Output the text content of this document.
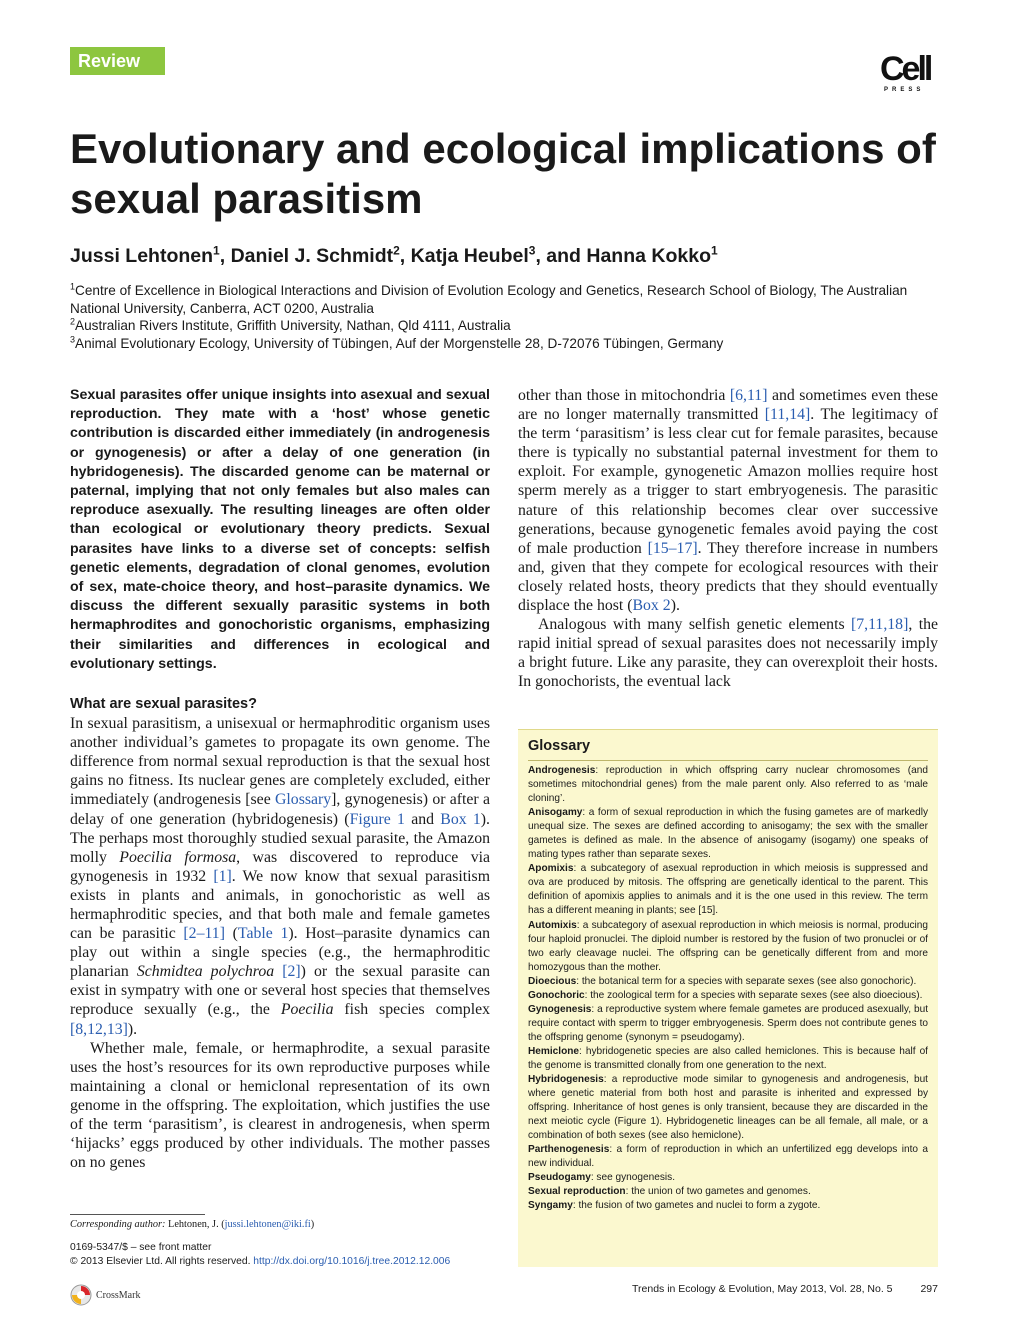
Review	Cell
PRESS
Evolutionary and ecological implications of sexual parasitism
Jussi Lehtonen$^1$, Daniel J. Schmidt$^2$, Katja Heubel$^3$, and Hanna Kokko$^1$
$^1$Centre of Excellence in Biological Interactions and Division of Evolution Ecology and Genetics, Research School of Biology, The Australian National University, Canberra, ACT 0200, Australia
$^2$Australian Rivers Institute, Griffith University, Nathan, Qld 4111, Australia
$^3$Animal Evolutionary Ecology, University of Tübingen, Auf der Morgenstelle 28, D-72076 Tübingen, Germany
Sexual parasites offer unique insights into asexual and sexual reproduction. They mate with a ‘host’ whose genetic contribution is discarded either immediately (in androgenesis or gynogenesis) or after a delay of one generation (in hybridogenesis). The discarded genome can be maternal or paternal, implying that not only females but also males can reproduce asexually. The resulting lineages are often older than ecological or evolutionary theory predicts. Sexual parasites have links to a diverse set of concepts: selfish genetic elements, degradation of clonal genomes, evolution of sex, mate-choice theory, and host–parasite dynamics. We discuss the different sexually parasitic systems in both hermaphrodites and gonochoristic organisms, emphasizing their similarities and differences in ecological and evolutionary settings.
What are sexual parasites?

In sexual parasitism, a unisexual or hermaphroditic organism uses another individual’s gametes to propagate its own genome. The difference from normal sexual reproduction is that the sexual host gains no fitness. Its nuclear genes are completely excluded, either immediately (androgenesis [see Glossary], gynogenesis) or after a delay of one generation (hybridogenesis) (Figure 1 and Box 1). The perhaps most thoroughly studied sexual parasite, the Amazon molly Poecilia formosa, was discovered to reproduce via gynogenesis in 1932 [1]. We now know that sexual parasitism exists in plants and animals, in gonochoristic as well as hermaphroditic species, and that both male and female gametes can be parasitic [2–11] (Table 1). Host–parasite dynamics can play out within a single species (e.g., the hermaphroditic planarian Schmidtea polychroa [2]) or the sexual parasite can exist in sympatry with one or several host species that themselves reproduce sexually (e.g., the Poecilia fish species complex [8,12,13]).

Whether male, female, or hermaphrodite, a sexual parasite uses the host’s resources for its own reproductive purposes while maintaining a clonal or hemiclonal representation of its own genome in the offspring. The exploitation, which justifies the use of the term ‘parasitism’, is clearest in androgenesis, when sperm ‘hijacks’ eggs produced by other individuals. The mother passes on no genes

other than those in mitochondria [6,11] and sometimes even these are no longer maternally transmitted [11,14]. The legitimacy of the term ‘parasitism’ is less clear cut for female parasites, because there is typically no substantial paternal investment for them to exploit. For example, gynogenetic Amazon mollies require host sperm merely as a trigger to start embryogenesis. The parasitic nature of this relationship becomes clear over successive generations, because gynogenetic females avoid paying the cost of male production [15–17]. They therefore increase in numbers and, given that they compete for ecological resources with their closely related hosts, theory predicts that they should eventually displace the host (Box 2).

Analogous with many selfish genetic elements [7,11,18], the rapid initial spread of sexual parasites does not necessarily imply a bright future. Like any parasite, they can overexploit their hosts. In gonochorists, the eventual lack

Glossary
Androgenesis: reproduction in which offspring carry nuclear chromosomes (and sometimes mitochondrial genes) from the male parent only. Also referred to as ‘male cloning’.
Anisogamy: a form of sexual reproduction in which the fusing gametes are of markedly unequal size. The sexes are defined according to anisogamy; the sex with the smaller gametes is defined as male. In the absence of anisogamy (isogamy) one speaks of mating types rather than separate sexes.
Apomixis: a subcategory of asexual reproduction in which meiosis is suppressed and ova are produced by mitosis. The offspring are genetically identical to the parent. This definition of apomixis applies to animals and it is the one used in this review. The term has a different meaning in plants; see [15].
Automixis: a subcategory of asexual reproduction in which meiosis is normal, producing four haploid pronuclei. The diploid number is restored by the fusion of two pronuclei or of two early cleavage nuclei. The offspring can be genetically different from and more homozygous than the mother.
Dioecious: the botanical term for a species with separate sexes (see also gonochoric).
Gonochoric: the zoological term for a species with separate sexes (see also dioecious).
Gynogenesis: a reproductive system where female gametes are produced asexually, but require contact with sperm to trigger embryogenesis. Sperm does not contribute genes to the offspring genome (synonym = pseudogamy).
Hemiclone: hybridogenetic species are also called hemiclones. This is because half of the genome is transmitted clonally from one generation to the next.
Hybridogenesis: a reproductive mode similar to gynogenesis and androgenesis, but where genetic material from both host and parasite is inherited and expressed by offspring. Inheritance of host genes is only transient, because they are discarded in the next meiotic cycle (Figure 1). Hybridogenetic lineages can be all female, all male, or a combination of both sexes (see also hemiclone).
Parthenogenesis: a form of reproduction in which an unfertilized egg develops into a new individual.
Pseudogamy: see gynogenesis.
Sexual reproduction: the union of two gametes and genomes.
Syngamy: the fusion of two gametes and nuclei to form a zygote.
Corresponding author: Lehtonen, J. (jussi.lehtonen@iki.fi)
0169-5347/$ – see front matter
© 2013 Elsevier Ltd. All rights reserved. http://dx.doi.org/10.1016/j.tree.2012.12.006
CrossMark	Trends in Ecology & Evolution, May 2013, Vol. 28, No. 5	297
